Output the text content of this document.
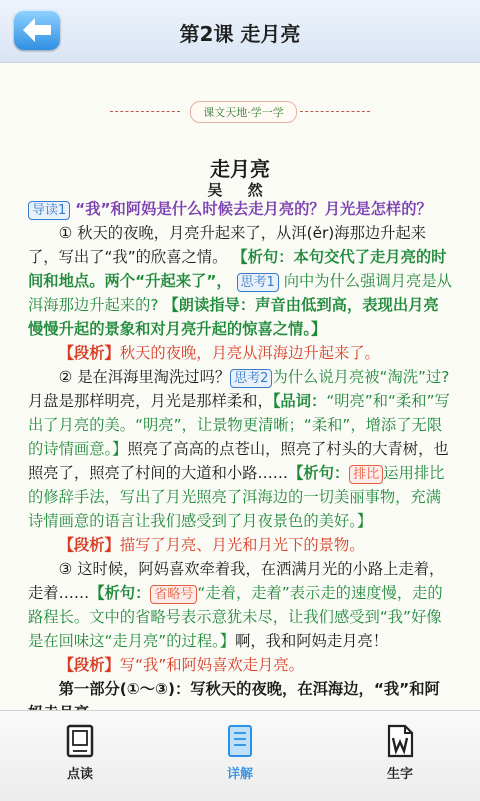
第2课 走月亮
课文天地·学一学
走月亮
吴 然

导读1 “我”和阿妈是什么时候去走月亮的？月光是怎样的？

① 秋天的夜晚，月亮升起来了，从洱(ěr)海那边升起来了，写出了“我”的欣喜之情。 【析句：本句交代了走月亮的时间和地点。两个“升起来了”， 思考1 向中为什么强调月亮是从洱海那边升起来的? 【朗读指导：声音由低到高，表现出月亮慢慢升起的景象和对月亮升起的惊喜之情。】

【段析】秋天的夜晚，月亮从洱海边升起来了。

② 是在洱海里淘洗过吗？ 思考2 为什么说月亮被“淘洗”过?月盘是那样明亮，月光是那样柔和，【品词：“明亮”和“柔和”写出了月亮的美。“明亮”，让景物更清晰；“柔和”，增添了无限的诗情画意。】照亮了高高的点苍山，照亮了村头的大青树，也照亮了，照亮了村间的大道和小路……【析句： 排比 运用排比的修辞手法，写出了月光照亮了洱海边的一切美丽事物，充满诗情画意的语言让我们感受到了月夜景色的美好。】

【段析】描写了月亮、月光和月光下的景物。

③ 这时候，阿妈喜欢牵着我，在洒满月光的小路上走着，走着……【析句： 省略号 “走着，走着”表示走的速度慢，走的路程长。文中的省略号表示意犹未尽，让我们感受到“我”好像是在回味这“走月亮”的过程。】啊，我和阿妈走月亮！

【段析】写“我”和阿妈喜欢走月亮。

第一部分(①～③)：写秋天的夜晚，在洱海边，“我”和阿

点读	详解	生字
